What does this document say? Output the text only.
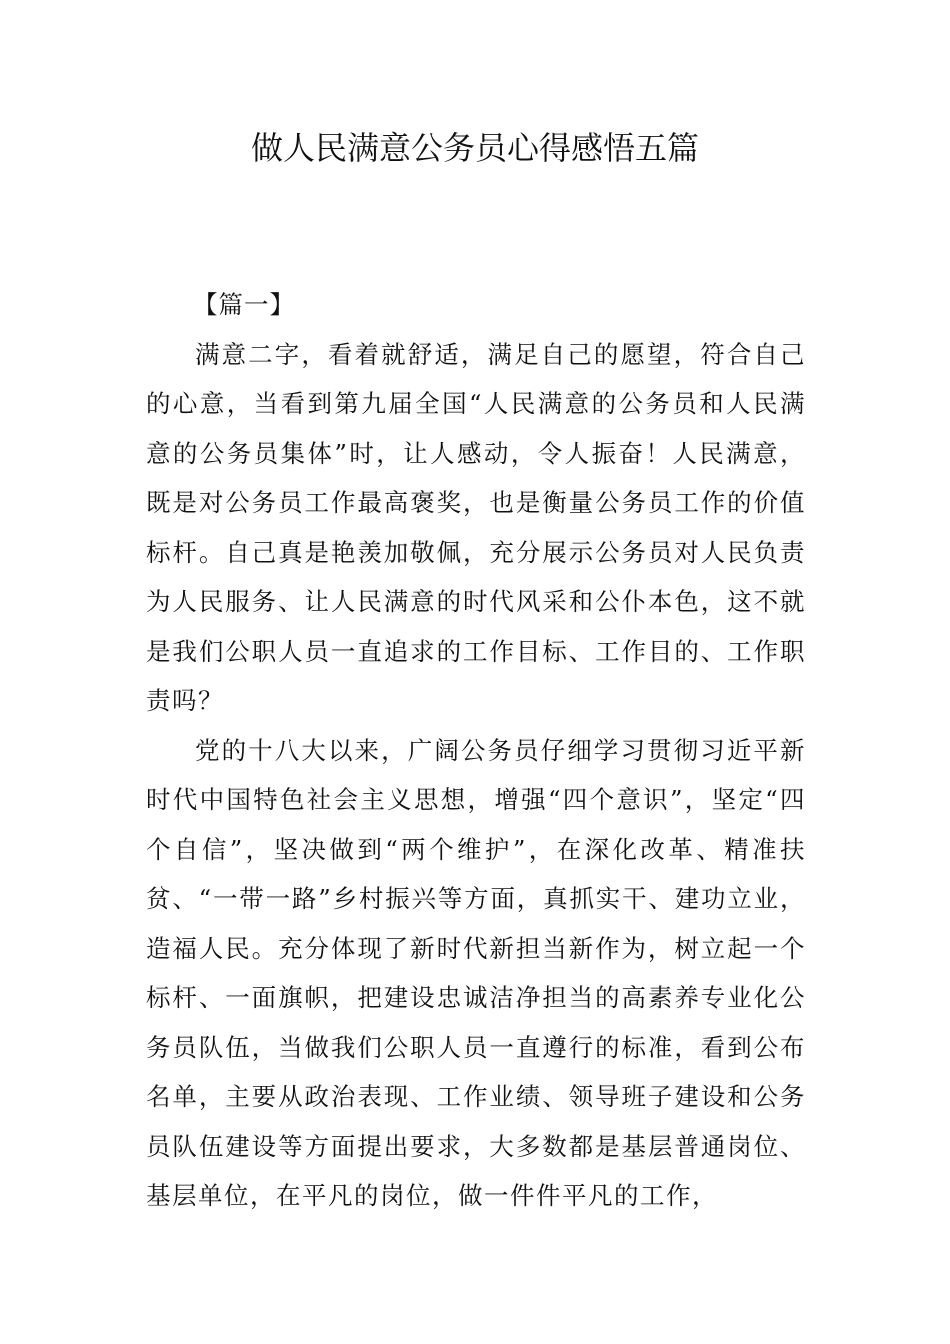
做人民满意公务员心得感悟五篇

【篇一】

满意二字，看着就舒适，满足自己的愿望，符合自己的心意，当看到第九届全国“人民满意的公务员和人民满意的公务员集体”时，让人感动，令人振奋！人民满意，既是对公务员工作最高褒奖，也是衡量公务员工作的价值标杆。自己真是艳羡加敬佩，充分展示公务员对人民负责为人民服务、让人民满意的时代风采和公仆本色，这不就是我们公职人员一直追求的工作目标、工作目的、工作职责吗？

党的十八大以来，广阔公务员仔细学习贯彻习近平新时代中国特色社会主义思想，增强“四个意识”，坚定“四个自信”，坚决做到“两个维护”，在深化改革、精准扶贫、“一带一路”乡村振兴等方面，真抓实干、建功立业，造福人民。充分体现了新时代新担当新作为，树立起一个标杆、一面旗帜，把建设忠诚洁净担当的高素养专业化公务员队伍，当做我们公职人员一直遵行的标准，看到公布名单，主要从政治表现、工作业绩、领导班子建设和公务员队伍建设等方面提出要求，大多数都是基层普通岗位、基层单位，在平凡的岗位，做一件件平凡的工作，
